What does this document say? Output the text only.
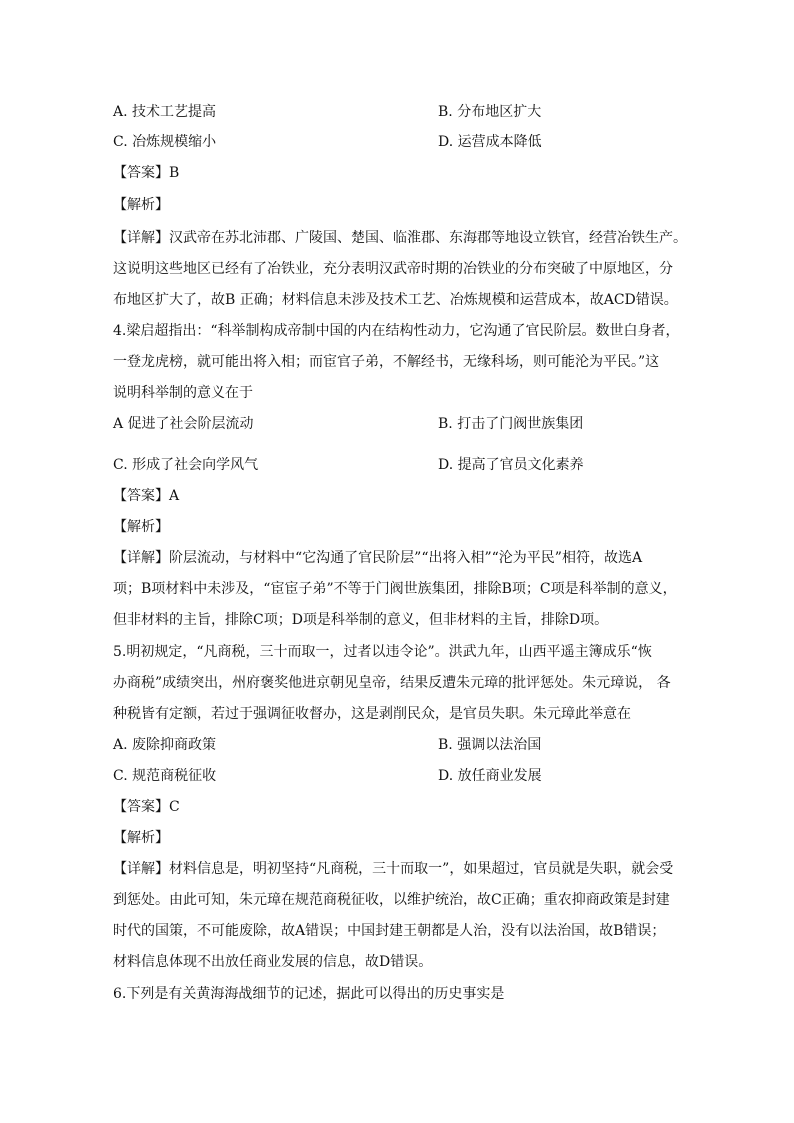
A. 技术工艺提高	B. 分布地区扩大
C. 冶炼规模缩小	D. 运营成本降低
【答案】B
【解析】
【详解】汉武帝在苏北沛郡、广陵国、楚国、临淮郡、东海郡等地设立铁官，经营冶铁生产。
这说明这些地区已经有了冶铁业，充分表明汉武帝时期的冶铁业的分布突破了中原地区，分
布地区扩大了，故B 正确；材料信息未涉及技术工艺、冶炼规模和运营成本，故ACD错误。
4.梁启超指出：“科举制构成帝制中国的内在结构性动力，它沟通了官民阶层。数世白身者，
一登龙虎榜，就可能出将入相；而宦官子弟，不解经书，无缘科场，则可能沦为平民。”这
说明科举制的意义在于
A 促进了社会阶层流动	B. 打击了门阀世族集团
C. 形成了社会向学风气	D. 提高了官员文化素养
【答案】A
【解析】
【详解】阶层流动，与材料中“它沟通了官民阶层”“出将入相”“沦为平民”相符，故选A
项；B项材料中未涉及，“宦宦子弟”不等于门阀世族集团，排除B项；C项是科举制的意义，
但非材料的主旨，排除C项；D项是科举制的意义，但非材料的主旨，排除D项。
5.明初规定，“凡商税，三十而取一，过者以违令论”。洪武九年，山西平遥主簿成乐“恢
办商税”成绩突出，州府褒奖他进京朝见皇帝，结果反遭朱元璋的批评惩处。朱元璋说， 各
种税皆有定额，若过于强调征收督办，这是剥削民众，是官员失职。朱元璋此举意在
A. 废除抑商政策	B. 强调以法治国
C. 规范商税征收	D. 放任商业发展
【答案】C
【解析】
【详解】材料信息是，明初坚持“凡商税，三十而取一”，如果超过，官员就是失职，就会受
到惩处。由此可知，朱元璋在规范商税征收，以维护统治，故C正确；重农抑商政策是封建
时代的国策，不可能废除，故A错误；中国封建王朝都是人治，没有以法治国，故B错误；
材料信息体现不出放任商业发展的信息，故D错误。
6.下列是有关黄海海战细节的记述，据此可以得出的历史事实是
